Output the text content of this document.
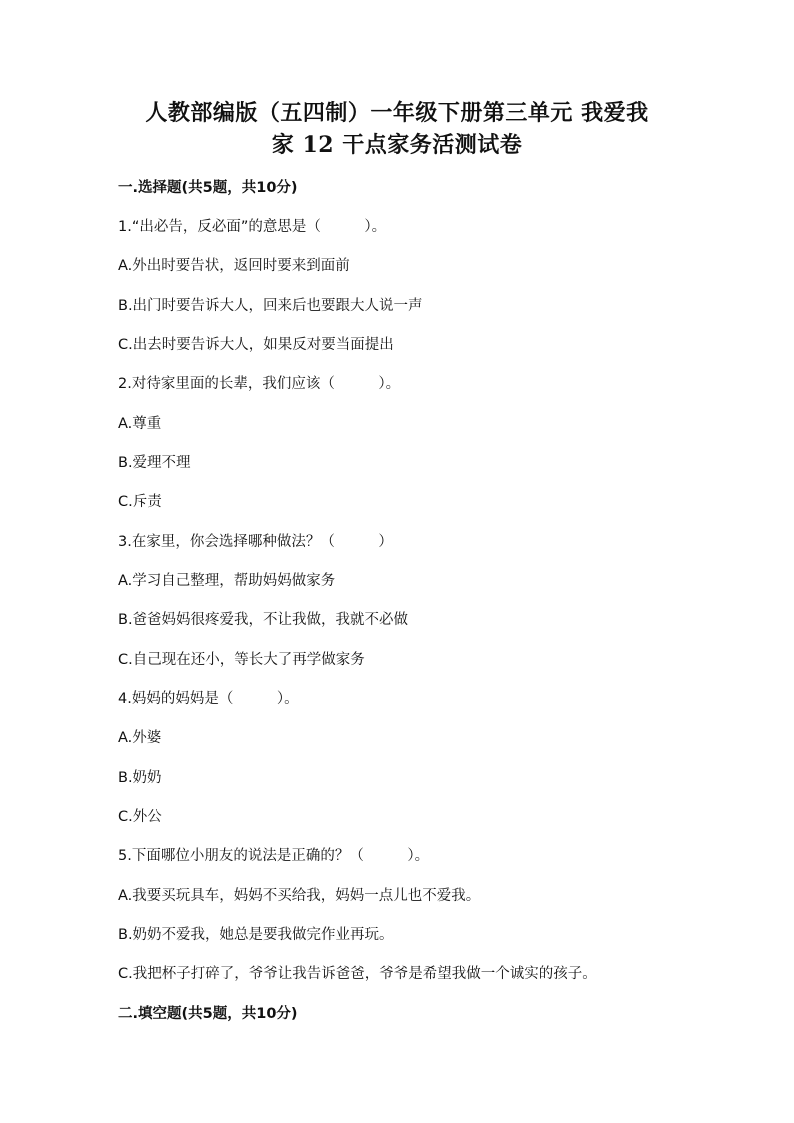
人教部编版（五四制）一年级下册第三单元 我爱我
家 12 干点家务活测试卷
一.选择题(共5题，共10分)
1.“出必告，反必面”的意思是（　　　）。
A.外出时要告状，返回时要来到面前
B.出门时要告诉大人，回来后也要跟大人说一声
C.出去时要告诉大人，如果反对要当面提出
2.对待家里面的长辈，我们应该（　　　）。
A.尊重
B.爱理不理
C.斥责
3.在家里，你会选择哪种做法？（　　　）
A.学习自己整理，帮助妈妈做家务
B.爸爸妈妈很疼爱我，不让我做，我就不必做
C.自己现在还小，等长大了再学做家务
4.妈妈的妈妈是（　　　）。
A.外婆
B.奶奶
C.外公
5.下面哪位小朋友的说法是正确的？（　　　）。
A.我要买玩具车，妈妈不买给我，妈妈一点儿也不爱我。
B.奶奶不爱我，她总是要我做完作业再玩。
C.我把杯子打碎了，爷爷让我告诉爸爸，爷爷是希望我做一个诚实的孩子。
二.填空题(共5题，共10分)
